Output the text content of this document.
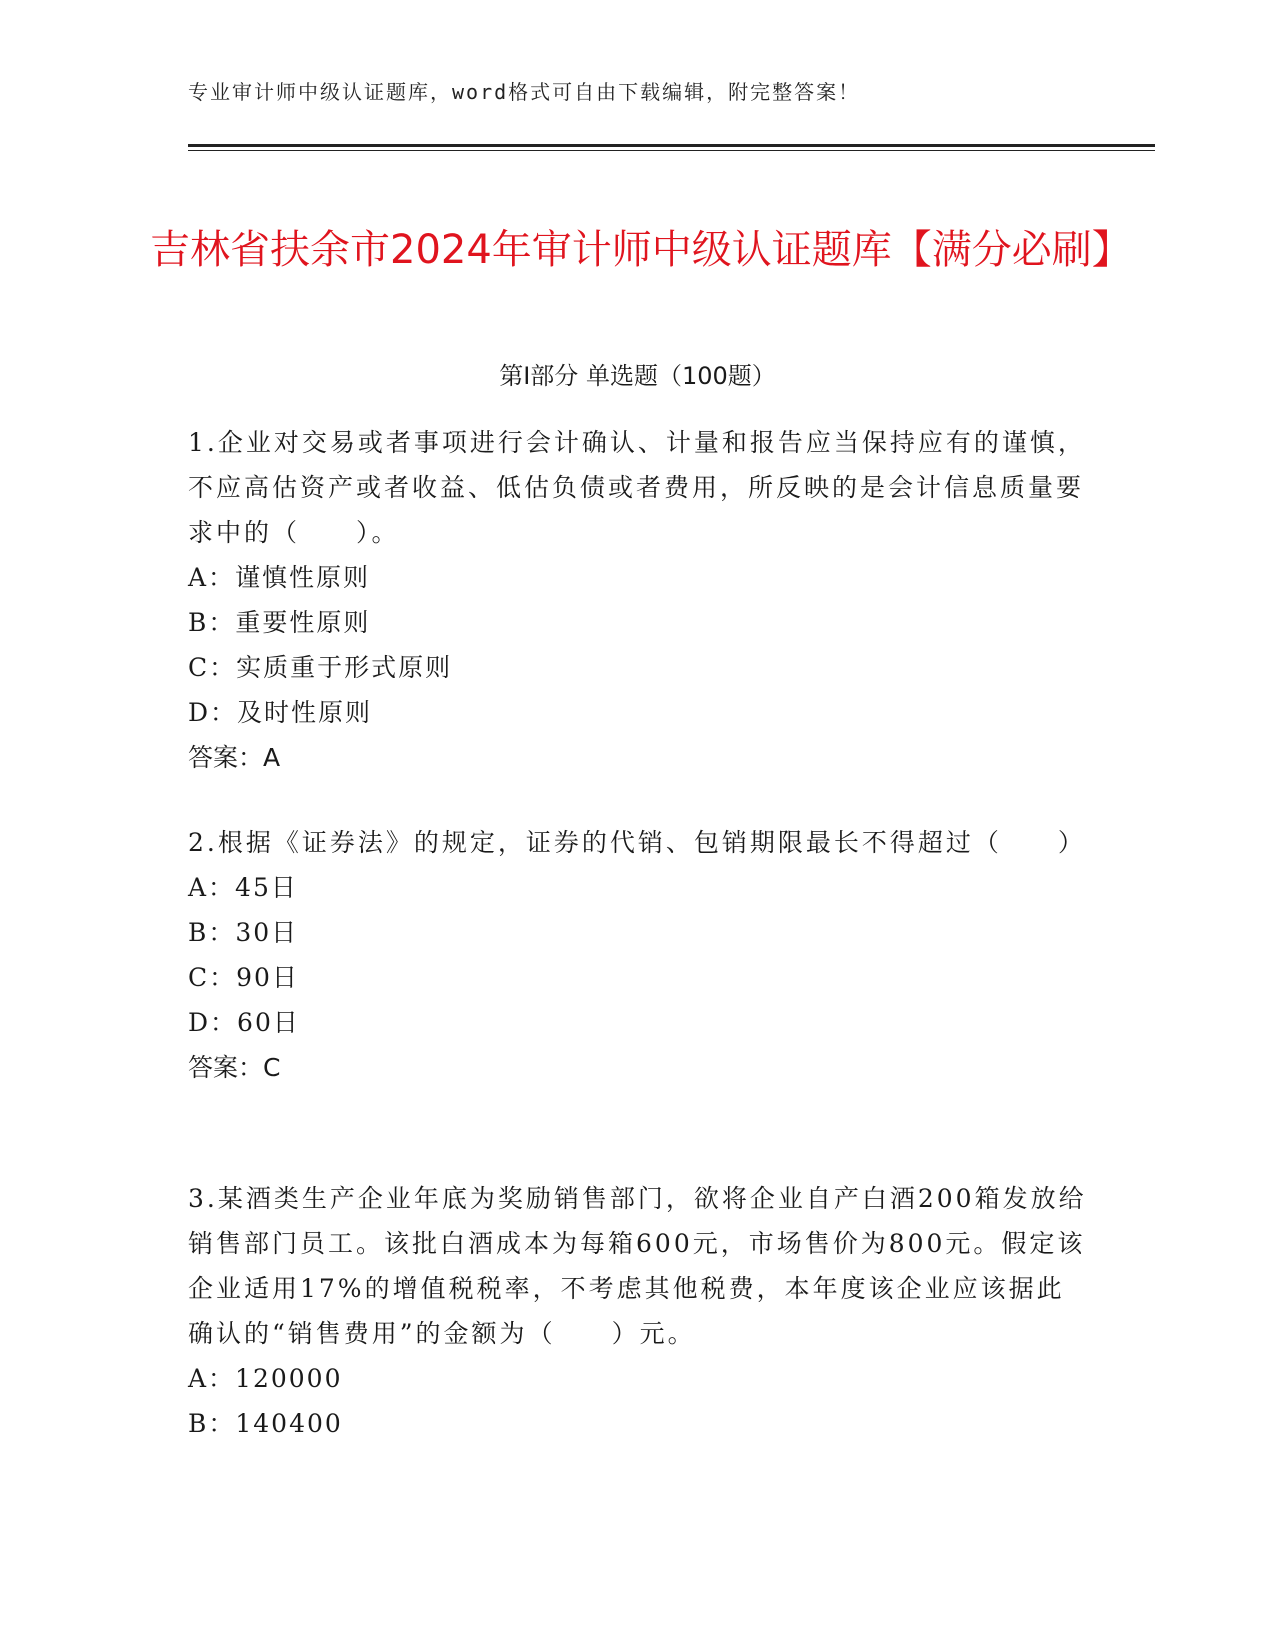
专业审计师中级认证题库，word格式可自由下载编辑，附完整答案！
吉林省扶余市2024年审计师中级认证题库【满分必刷】
第Ⅰ部分 单选题（100题）

1.企业对交易或者事项进行会计确认、计量和报告应当保持应有的谨慎，不应高估资产或者收益、低估负债或者费用，所反映的是会计信息质量要求中的（　　）。

A：谨慎性原则

B：重要性原则

C：实质重于形式原则

D：及时性原则

答案：A

2.根据《证券法》的规定，证券的代销、包销期限最长不得超过（　　）

A：45日

B：30日

C：90日

D：60日

答案：C

3.某酒类生产企业年底为奖励销售部门，欲将企业自产白酒200箱发放给销售部门员工。该批白酒成本为每箱600元，市场售价为800元。假定该企业适用17%的增值税税率，不考虑其他税费，本年度该企业应该据此确认的“销售费用”的金额为（　　）元。

A：120000

B：140400
